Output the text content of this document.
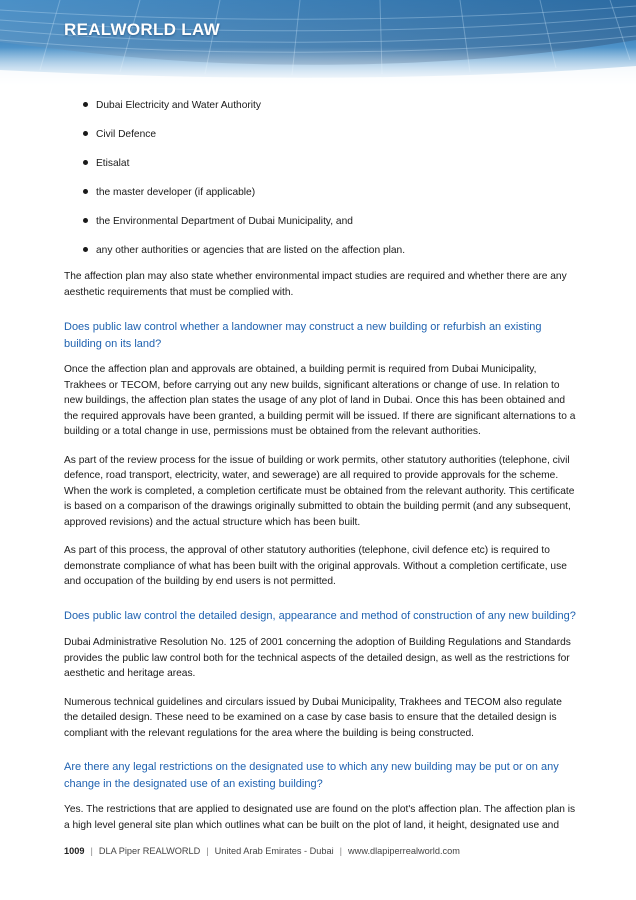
REALWORLD LAW
Dubai Electricity and Water Authority
Civil Defence
Etisalat
the master developer (if applicable)
the Environmental Department of Dubai Municipality, and
any other authorities or agencies that are listed on the affection plan.

The affection plan may also state whether environmental impact studies are required and whether there are any aesthetic requirements that must be complied with.

Does public law control whether a landowner may construct a new building or refurbish an existing building on its land?

Once the affection plan and approvals are obtained, a building permit is required from Dubai Municipality, Trakhees or TECOM, before carrying out any new builds, significant alterations or change of use. In relation to new buildings, the affection plan states the usage of any plot of land in Dubai. Once this has been obtained and the required approvals have been granted, a building permit will be issued. If there are significant alternations to a building or a total change in use, permissions must be obtained from the relevant authorities.

As part of the review process for the issue of building or work permits, other statutory authorities (telephone, civil defence, road transport, electricity, water, and sewerage) are all required to provide approvals for the scheme. When the work is completed, a completion certificate must be obtained from the relevant authority. This certificate is based on a comparison of the drawings originally submitted to obtain the building permit (and any subsequent, approved revisions) and the actual structure which has been built.

As part of this process, the approval of other statutory authorities (telephone, civil defence etc) is required to demonstrate compliance of what has been built with the original approvals. Without a completion certificate, use and occupation of the building by end users is not permitted.

Does public law control the detailed design, appearance and method of construction of any new building?

Dubai Administrative Resolution No. 125 of 2001 concerning the adoption of Building Regulations and Standards provides the public law control both for the technical aspects of the detailed design, as well as the restrictions for aesthetic and heritage areas.

Numerous technical guidelines and circulars issued by Dubai Municipality, Trakhees and TECOM also regulate the detailed design. These need to be examined on a case by case basis to ensure that the detailed design is compliant with the relevant regulations for the area where the building is being constructed.

Are there any legal restrictions on the designated use to which any new building may be put or on any change in the designated use of an existing building?

Yes. The restrictions that are applied to designated use are found on the plot's affection plan. The affection plan is a high level general site plan which outlines what can be built on the plot of land, it height, designated use and

1009 | DLA Piper REALWORLD | United Arab Emirates - Dubai | www.dlapiperrealworld.com
